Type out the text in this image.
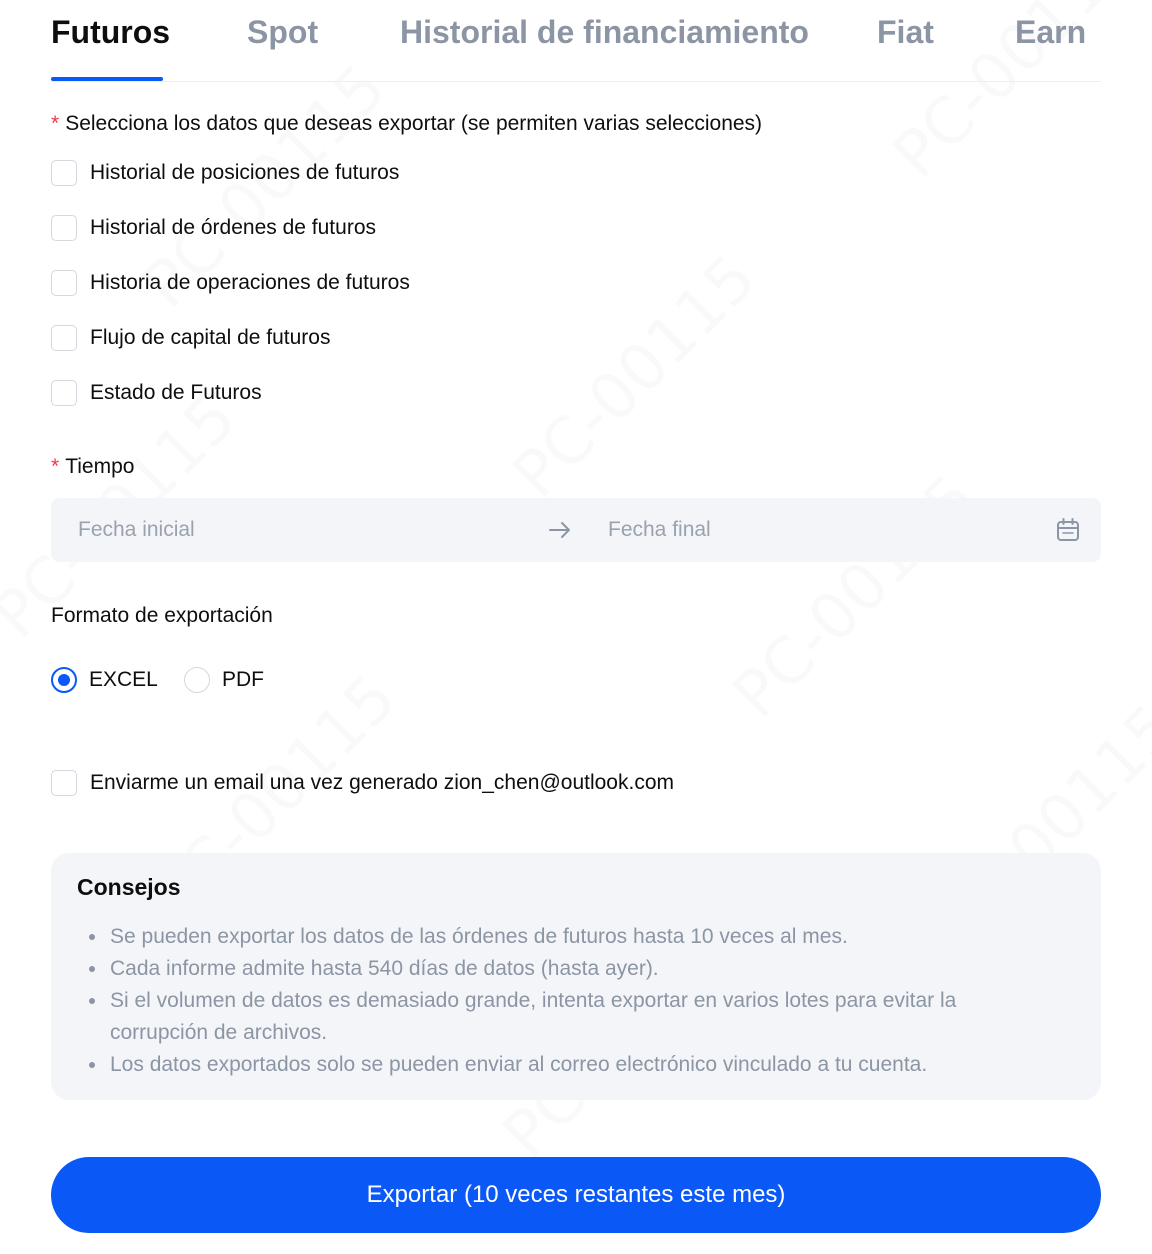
Futuros Spot	Historial de financiamiento Fiat	Earn
* Selecciona los datos que deseas exportar (se permiten varias selecciones)
Historial de posiciones de futuros
Historial de órdenes de futuros
Historia de operaciones de futuros
Flujo de capital de futuros
Estado de Futuros
* Tiempo
Fecha inicial	Fecha final
Formato de exportación
EXCEL	PDF
Enviarme un email una vez generado zion_chen@outlook.com
Consejos
Se pueden exportar los datos de las órdenes de futuros hasta 10 veces al mes.
Cada informe admite hasta 540 días de datos (hasta ayer).
Si el volumen de datos es demasiado grande, intenta exportar en varios lotes para evitar la corrupción de archivos.
Los datos exportados solo se pueden enviar al correo electrónico vinculado a tu cuenta.
Exportar (10 veces restantes este mes)
